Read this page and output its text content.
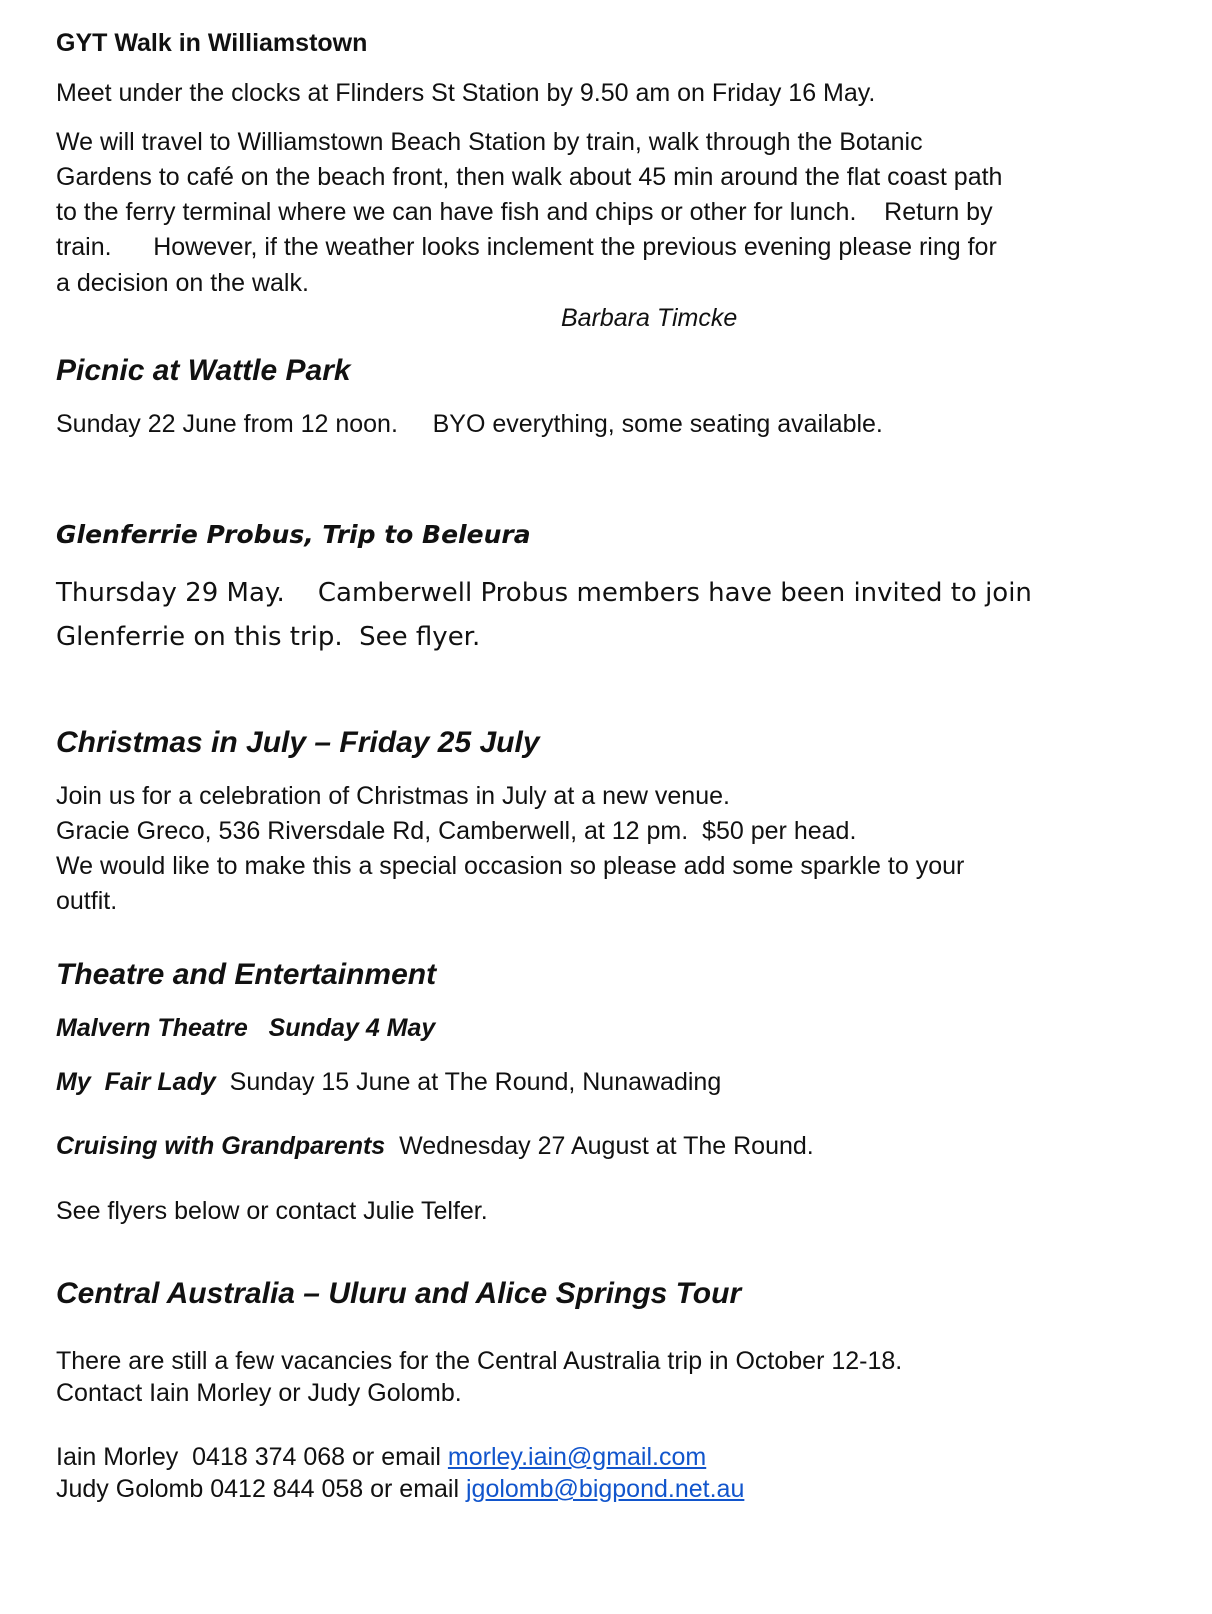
GYT Walk in Williamstown
Meet under the clocks at Flinders St Station by 9.50 am on Friday 16 May.
We will travel to Williamstown Beach Station by train, walk through the Botanic
Gardens to café on the beach front, then walk about 45 min around the flat coast path
to the ferry terminal where we can have fish and chips or other for lunch.    Return by
train.      However, if the weather looks inclement the previous evening please ring for
a decision on the walk.
Barbara Timcke
Picnic at Wattle Park
Sunday 22 June from 12 noon.     BYO everything, some seating available.
Glenferrie Probus, Trip to Beleura
Thursday 29 May.    Camberwell Probus members have been invited to join
Glenferrie on this trip.  See flyer.
Christmas in July – Friday 25 July
Join us for a celebration of Christmas in July at a new venue.
Gracie Greco, 536 Riversdale Rd, Camberwell, at 12 pm.  $50 per head.
We would like to make this a special occasion so please add some sparkle to your
outfit.
Theatre and Entertainment
Malvern Theatre   Sunday 4 May
My  Fair Lady  Sunday 15 June at The Round, Nunawading
Cruising with Grandparents  Wednesday 27 August at The Round.
See flyers below or contact Julie Telfer.
Central Australia – Uluru and Alice Springs Tour
There are still a few vacancies for the Central Australia trip in October 12-18.
Contact Iain Morley or Judy Golomb.
Iain Morley  0418 374 068 or email morley.iain@gmail.com
Judy Golomb 0412 844 058 or email jgolomb@bigpond.net.au
